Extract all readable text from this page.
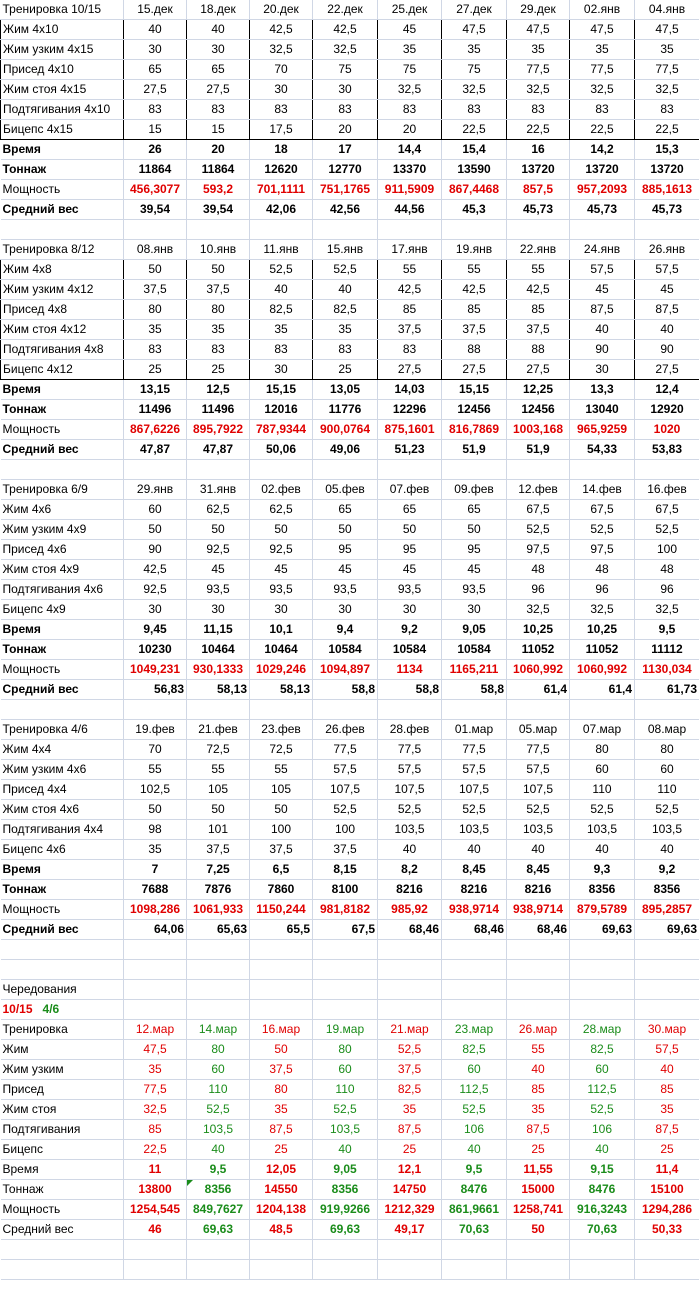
Тренировка 10/15	15.дек	18.дек	20.дек	22.дек	25.дек	27.дек	29.дек	02.янв	04.янв
Жим 4х10	40	40	42,5	42,5	45	47,5	47,5	47,5	47,5
Жим узким 4х15	30	30	32,5	32,5	35	35	35	35	35
Присед 4х10	65	65	70	75	75	75	77,5	77,5	77,5
Жим стоя 4х15	27,5	27,5	30	30	32,5	32,5	32,5	32,5	32,5
Подтягивания 4х10	83	83	83	83	83	83	83	83	83
Бицепс 4х15	15	15	17,5	20	20	22,5	22,5	22,5	22,5
Время	26	20	18	17	14,4	15,4	16	14,2	15,3
Тоннаж	11864	11864	12620	12770	13370	13590	13720	13720	13720
Мощность	456,3077	593,2	701,1111	751,1765	911,5909	867,4468	857,5	957,2093	885,1613
Средний вес	39,54	39,54	42,06	42,56	44,56	45,3	45,73	45,73	45,73

Тренировка 8/12	08.янв	10.янв	11.янв	15.янв	17.янв	19.янв	22.янв	24.янв	26.янв
Жим 4х8	50	50	52,5	52,5	55	55	55	57,5	57,5
Жим узким 4х12	37,5	37,5	40	40	42,5	42,5	42,5	45	45
Присед 4х8	80	80	82,5	82,5	85	85	85	87,5	87,5
Жим стоя 4х12	35	35	35	35	37,5	37,5	37,5	40	40
Подтягивания 4х8	83	83	83	83	83	88	88	90	90
Бицепс 4х12	25	25	30	25	27,5	27,5	27,5	30	27,5
Время	13,15	12,5	15,15	13,05	14,03	15,15	12,25	13,3	12,4
Тоннаж	11496	11496	12016	11776	12296	12456	12456	13040	12920
Мощность	867,6226	895,7922	787,9344	900,0764	875,1601	816,7869	1003,168	965,9259	1020
Средний вес	47,87	47,87	50,06	49,06	51,23	51,9	51,9	54,33	53,83

Тренировка 6/9	29.янв	31.янв	02.фев	05.фев	07.фев	09.фев	12.фев	14.фев	16.фев
Жим 4х6	60	62,5	62,5	65	65	65	67,5	67,5	67,5
Жим узким 4х9	50	50	50	50	50	50	52,5	52,5	52,5
Присед 4х6	90	92,5	92,5	95	95	95	97,5	97,5	100
Жим стоя 4х9	42,5	45	45	45	45	45	48	48	48
Подтягивания 4х6	92,5	93,5	93,5	93,5	93,5	93,5	96	96	96
Бицепс 4х9	30	30	30	30	30	30	32,5	32,5	32,5
Время	9,45	11,15	10,1	9,4	9,2	9,05	10,25	10,25	9,5
Тоннаж	10230	10464	10464	10584	10584	10584	11052	11052	11112
Мощность	1049,231	930,1333	1029,246	1094,897	1134	1165,211	1060,992	1060,992	1130,034
Средний вес	56,83	58,13	58,13	58,8	58,8	58,8	61,4	61,4	61,73

Тренировка 4/6	19.фев	21.фев	23.фев	26.фев	28.фев	01.мар	05.мар	07.мар	08.мар
Жим 4х4	70	72,5	72,5	77,5	77,5	77,5	77,5	80	80
Жим узким 4х6	55	55	55	57,5	57,5	57,5	57,5	60	60
Присед 4х4	102,5	105	105	107,5	107,5	107,5	107,5	110	110
Жим стоя 4х6	50	50	50	52,5	52,5	52,5	52,5	52,5	52,5
Подтягивания 4х4	98	101	100	100	103,5	103,5	103,5	103,5	103,5
Бицепс 4х6	35	37,5	37,5	37,5	40	40	40	40	40
Время	7	7,25	6,5	8,15	8,2	8,45	8,45	9,3	9,2
Тоннаж	7688	7876	7860	8100	8216	8216	8216	8356	8356
Мощность	1098,286	1061,933	1150,244	981,8182	985,92	938,9714	938,9714	879,5789	895,2857
Средний вес	64,06	65,63	65,5	67,5	68,46	68,46	68,46	69,63	69,63

Чередования									
10/15 4/6									
Тренировка	12.мар	14.мар	16.мар	19.мар	21.мар	23.мар	26.мар	28.мар	30.мар
Жим	47,5	80	50	80	52,5	82,5	55	82,5	57,5
Жим узким	35	60	37,5	60	37,5	60	40	60	40
Присед	77,5	110	80	110	82,5	112,5	85	112,5	85
Жим стоя	32,5	52,5	35	52,5	35	52,5	35	52,5	35
Подтягивания	85	103,5	87,5	103,5	87,5	106	87,5	106	87,5
Бицепс	22,5	40	25	40	25	40	25	40	25
Время	11	9,5	12,05	9,05	12,1	9,5	11,55	9,15	11,4
Тоннаж	13800	8356	14550	8356	14750	8476	15000	8476	15100
Мощность	1254,545	849,7627	1204,138	919,9266	1212,329	861,9661	1258,741	916,3243	1294,286
Средний вес	46	69,63	48,5	69,63	49,17	70,63	50	70,63	50,33
